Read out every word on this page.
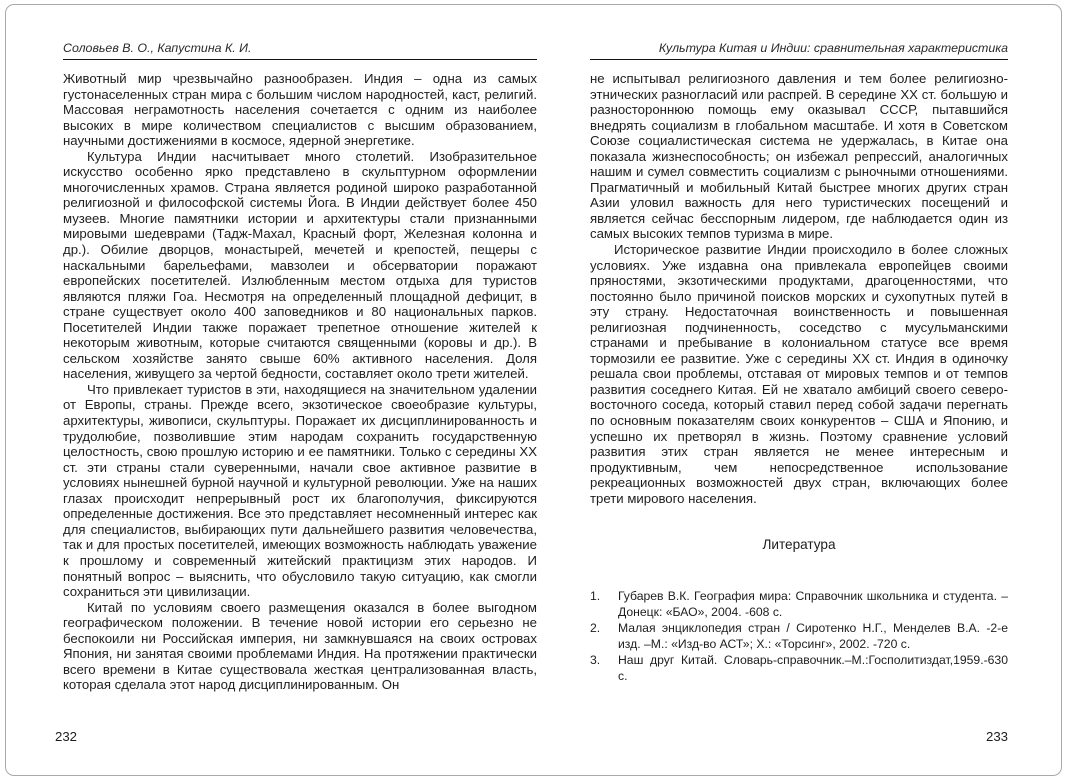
Соловьев В. О., Капустина К. И.

Животный мир чрезвычайно разнообразен. Индия – одна из самых густонаселенных стран мира с большим числом народностей, каст, религий. Массовая неграмотность населения сочетается с одним из наиболее высоких в мире количеством специалистов с высшим образованием, научными достижениями в космосе, ядерной энергетике.

Культура Индии насчитывает много столетий. Изобразительное искусство особенно ярко представлено в скульптурном оформлении многочисленных храмов. Страна является родиной широко разработанной религиозной и философской системы Йога. В Индии действует более 450 музеев. Многие памятники истории и архитектуры стали признанными мировыми шедеврами (Тадж-Махал, Красный форт, Железная колонна и др.). Обилие дворцов, монастырей, мечетей и крепостей, пещеры с наскальными барельефами, мавзолеи и обсерватории поражают европейских посетителей. Излюбленным местом отдыха для туристов являются пляжи Гоа. Несмотря на определенный площадной дефицит, в стране существует около 400 заповедников и 80 национальных парков. Посетителей Индии также поражает трепетное отношение жителей к некоторым животным, которые считаются священными (коровы и др.). В сельском хозяйстве занято свыше 60% активного населения. Доля населения, живущего за чертой бедности, составляет около трети жителей.

Что привлекает туристов в эти, находящиеся на значительном удалении от Европы, страны. Прежде всего, экзотическое своеобразие культуры, архитектуры, живописи, скульптуры. Поражает их дисциплинированность и трудолюбие, позволившие этим народам сохранить государственную целостность, свою прошлую историю и ее памятники. Только с середины XX ст. эти страны стали суверенными, начали свое активное развитие в условиях нынешней бурной научной и культурной революции. Уже на наших глазах происходит непрерывный рост их благополучия, фиксируются определенные достижения. Все это представляет несомненный интерес как для специалистов, выбирающих пути дальнейшего развития человечества, так и для простых посетителей, имеющих возможность наблюдать уважение к прошлому и современный житейский практицизм этих народов. И понятный вопрос – выяснить, что обусловило такую ситуацию, как смогли сохраниться эти цивилизации.

Китай по условиям своего размещения оказался в более выгодном географическом положении. В течение новой истории его серьезно не беспокоили ни Российская империя, ни замкнувшаяся на своих островах Япония, ни занятая своими проблемами Индия. На протяжении практически всего времени в Китае существовала жесткая централизованная власть, которая сделала этот народ дисциплинированным. Он

232
Культура Китая и Индии: сравнительная характеристика

не испытывал религиозного давления и тем более религиозно-этнических разногласий или распрей. В середине XX ст. большую и разностороннюю помощь ему оказывал СССР, пытавшийся внедрять социализм в глобальном масштабе. И хотя в Советском Союзе социалистическая система не удержалась, в Китае она показала жизнеспособность; он избежал репрессий, аналогичных нашим и сумел совместить социализм с рыночными отношениями. Прагматичный и мобильный Китай быстрее многих других стран Азии уловил важность для него туристических посещений и является сейчас бесспорным лидером, где наблюдается один из самых высоких темпов туризма в мире.

Историческое развитие Индии происходило в более сложных условиях. Уже издавна она привлекала европейцев своими пряностями, экзотическими продуктами, драгоценностями, что постоянно было причиной поисков морских и сухопутных путей в эту страну. Недостаточная воинственность и повышенная религиозная подчиненность, соседство с мусульманскими странами и пребывание в колониальном статусе все время тормозили ее развитие. Уже с середины XX ст. Индия в одиночку решала свои проблемы, отставая от мировых темпов и от темпов развития соседнего Китая. Ей не хватало амбиций своего северо-восточного соседа, который ставил перед собой задачи перегнать по основным показателям своих конкурентов – США и Японию, и успешно их претворял в жизнь. Поэтому сравнение условий развития этих стран является не менее интересным и продуктивным, чем непосредственное использование рекреационных возможностей двух стран, включающих более трети мирового населения.

Литература
1.	Губарев В.К. География мира: Справочник школьника и студента. –Донецк: «БАО», 2004. -608 с.
2.	Малая энциклопедия стран / Сиротенко Н.Г., Менделев В.А. -2-е изд. –М.: «Изд-во АСТ»; Х.: «Торсинг», 2002. -720 с.
3.	Наш друг Китай. Словарь-справочник.–М.:Госполитиздат,1959.-630 с.
233
